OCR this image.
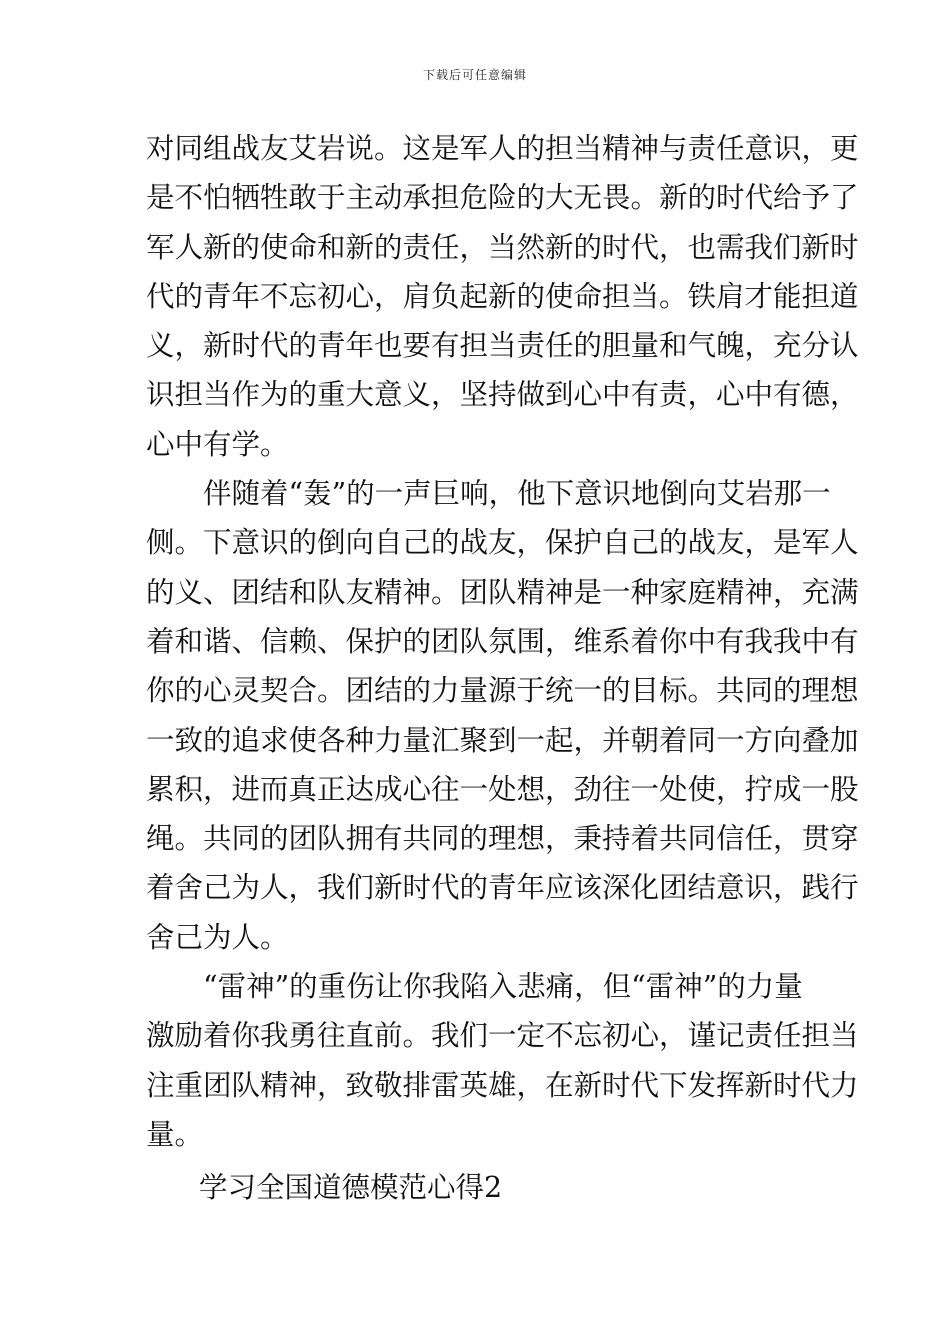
下载后可任意编辑

对同组战友艾岩说。这是军人的担当精神与责任意识，更
是不怕牺牲敢于主动承担危险的大无畏。新的时代给予了
军人新的使命和新的责任，当然新的时代，也需我们新时
代的青年不忘初心，肩负起新的使命担当。铁肩才能担道
义，新时代的青年也要有担当责任的胆量和气魄，充分认
识担当作为的重大意义，坚持做到心中有责，心中有德，
心中有学。

伴随着“轰”的一声巨响，他下意识地倒向艾岩那一
侧。下意识的倒向自己的战友，保护自己的战友，是军人
的义、团结和队友精神。团队精神是一种家庭精神，充满
着和谐、信赖、保护的团队氛围，维系着你中有我我中有
你的心灵契合。团结的力量源于统一的目标。共同的理想
一致的追求使各种力量汇聚到一起，并朝着同一方向叠加
累积，进而真正达成心往一处想，劲往一处使，拧成一股
绳。共同的团队拥有共同的理想，秉持着共同信任，贯穿
着舍己为人，我们新时代的青年应该深化团结意识，践行
舍己为人。

“雷神”的重伤让你我陷入悲痛，但“雷神”的力量
激励着你我勇往直前。我们一定不忘初心，谨记责任担当
注重团队精神，致敬排雷英雄，在新时代下发挥新时代力
量。

学习全国道德模范心得2
